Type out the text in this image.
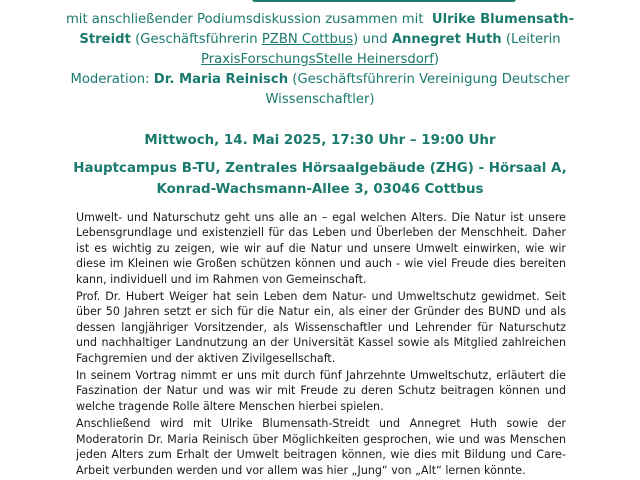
mit anschließender Podiumsdiskussion zusammen mit Ulrike Blumensath-Streidt (Geschäftsführerin PZBN Cottbus) und Annegret Huth (Leiterin PraxisForschungsStelle Heinersdorf)

Moderation: Dr. Maria Reinisch (Geschäftsführerin Vereinigung Deutscher Wissenschaftler)

Mittwoch, 14. Mai 2025, 17:30 Uhr – 19:00 Uhr

Hauptcampus B-TU, Zentrales Hörsaalgebäude (ZHG) - Hörsaal A,

Konrad-Wachsmann-Allee 3, 03046 Cottbus

Umwelt- und Naturschutz geht uns alle an – egal welchen Alters. Die Natur ist unsere Lebensgrundlage und existenziell für das Leben und Überleben der Menschheit. Daher ist es wichtig zu zeigen, wie wir auf die Natur und unsere Umwelt einwirken, wie wir diese im Kleinen wie Großen schützen können und auch - wie viel Freude dies bereiten kann, individuell und im Rahmen von Gemeinschaft.

Prof. Dr. Hubert Weiger hat sein Leben dem Natur- und Umweltschutz gewidmet. Seit über 50 Jahren setzt er sich für die Natur ein, als einer der Gründer des BUND und als dessen langjähriger Vorsitzender, als Wissenschaftler und Lehrender für Naturschutz und nachhaltiger Landnutzung an der Universität Kassel sowie als Mitglied zahlreichen Fachgremien und der aktiven Zivilgesellschaft.

In seinem Vortrag nimmt er uns mit durch fünf Jahrzehnte Umweltschutz, erläutert die Faszination der Natur und was wir mit Freude zu deren Schutz beitragen können und welche tragende Rolle ältere Menschen hierbei spielen.

Anschließend wird mit Ulrike Blumensath-Streidt und Annegret Huth sowie der Moderatorin Dr. Maria Reinisch über Möglichkeiten gesprochen, wie und was Menschen jeden Alters zum Erhalt der Umwelt beitragen können, wie dies mit Bildung und Care-Arbeit verbunden werden und vor allem was hier „Jung“ von „Alt“ lernen könnte.
